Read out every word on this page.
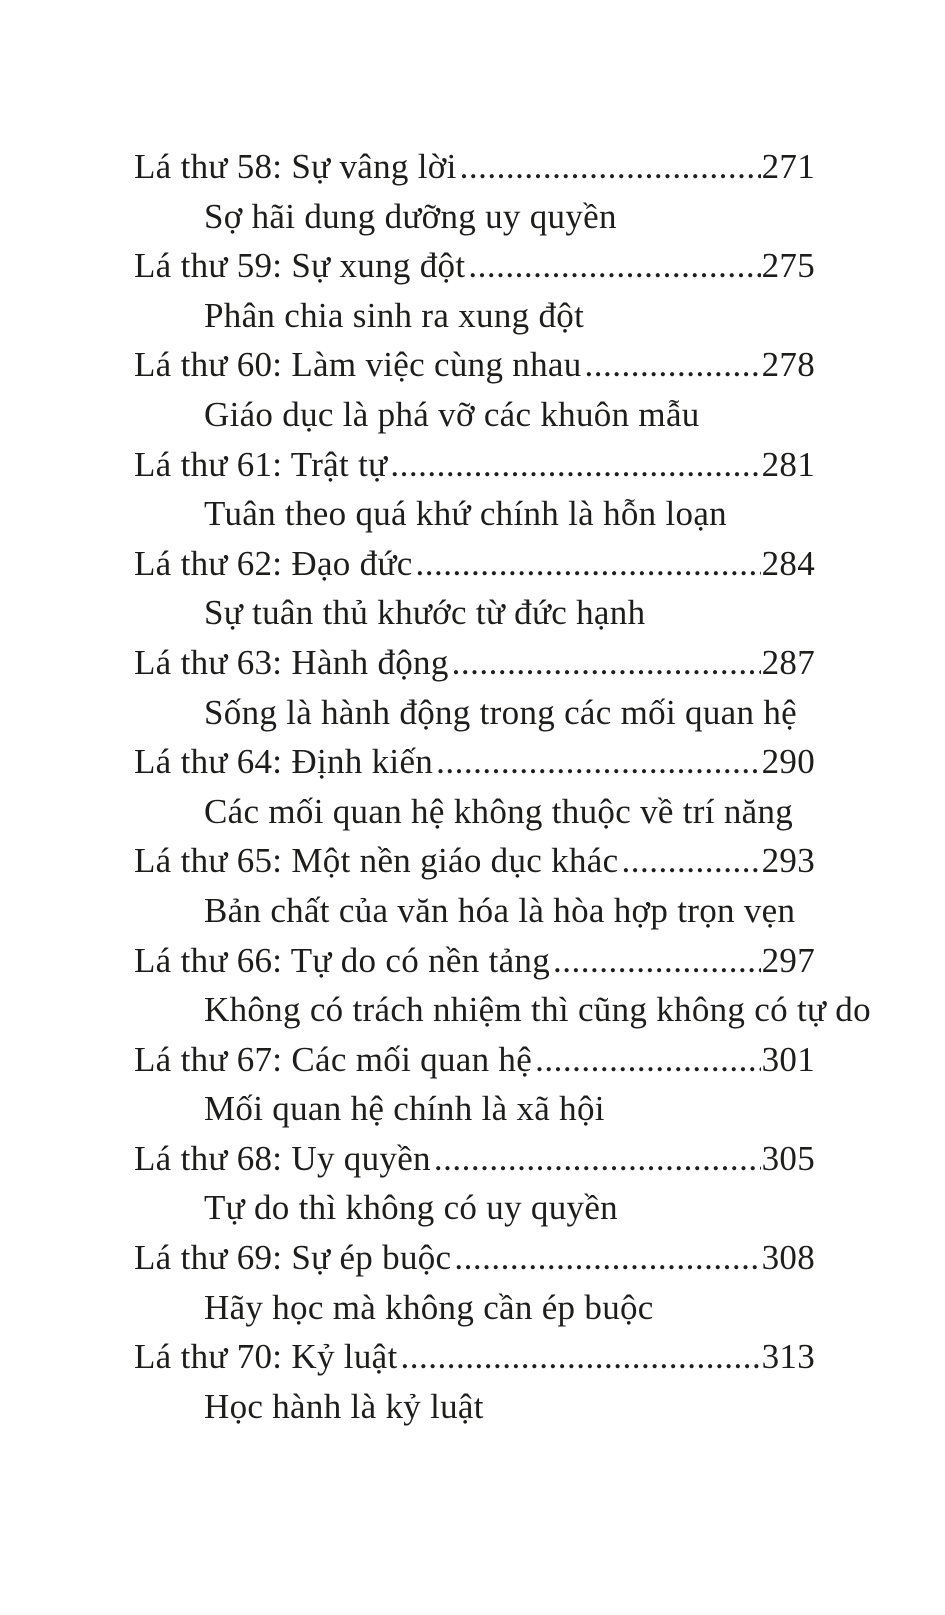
Lá thư 58: Sự vâng lời .....	271
Sợ hãi dung dưỡng uy quyền
Lá thư 59: Sự xung đột .....	275
Phân chia sinh ra xung đột
Lá thư 60: Làm việc cùng nhau .....	278
Giáo dục là phá vỡ các khuôn mẫu
Lá thư 61: Trật tự .....	281
Tuân theo quá khứ chính là hỗn loạn
Lá thư 62: Đạo đức .....	284
Sự tuân thủ khước từ đức hạnh
Lá thư 63: Hành động .....	287
Sống là hành động trong các mối quan hệ
Lá thư 64: Định kiến .....	290
Các mối quan hệ không thuộc về trí năng
Lá thư 65: Một nền giáo dục khác .....	293
Bản chất của văn hóa là hòa hợp trọn vẹn
Lá thư 66: Tự do có nền tảng .....	297
Không có trách nhiệm thì cũng không có tự do
Lá thư 67: Các mối quan hệ .....	301
Mối quan hệ chính là xã hội
Lá thư 68: Uy quyền .....	305
Tự do thì không có uy quyền
Lá thư 69: Sự ép buộc .....	308
Hãy học mà không cần ép buộc
Lá thư 70: Kỷ luật .....	313
Học hành là kỷ luật
